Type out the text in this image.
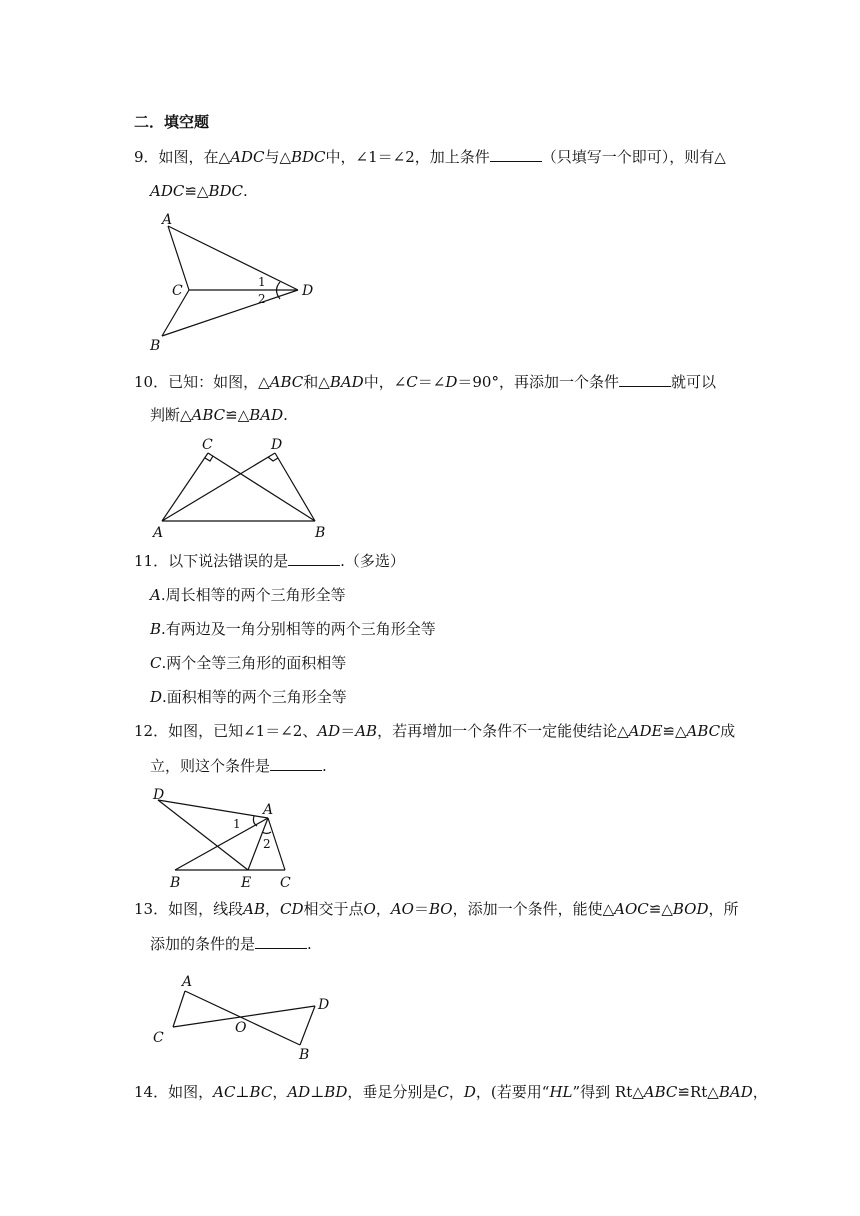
二．填空题
9．如图，在△ADC与△BDC中，∠1＝∠2，加上条件	（只填写一个即可），则有△
ADC≌△BDC.
A
C	D
B
1
2
10．已知：如图，△ABC和△BAD中，∠C＝∠D＝90°，再添加一个条件	就可以
判断△ABC≌△BAD.
C	D
A	B
11．以下说法错误的是	.（多选）
A.周长相等的两个三角形全等
B.有两边及一角分别相等的两个三角形全等
C.两个全等三角形的面积相等
D.面积相等的两个三角形全等
12．如图，已知∠1＝∠2、AD＝AB，若再增加一个条件不一定能使结论△ADE≌△ABC成
立，则这个条件是	.
D
A
B	E C
1
2
13．如图，线段AB，CD相交于点O，AO＝BO，添加一个条件，能使△AOC≌△BOD，所
添加的条件的是	.
A
C
O
D
B
14．如图，AC⊥BC，AD⊥BD，垂足分别是C，D，(若要用“HL”得到 Rt△ABC≌Rt△BAD，
